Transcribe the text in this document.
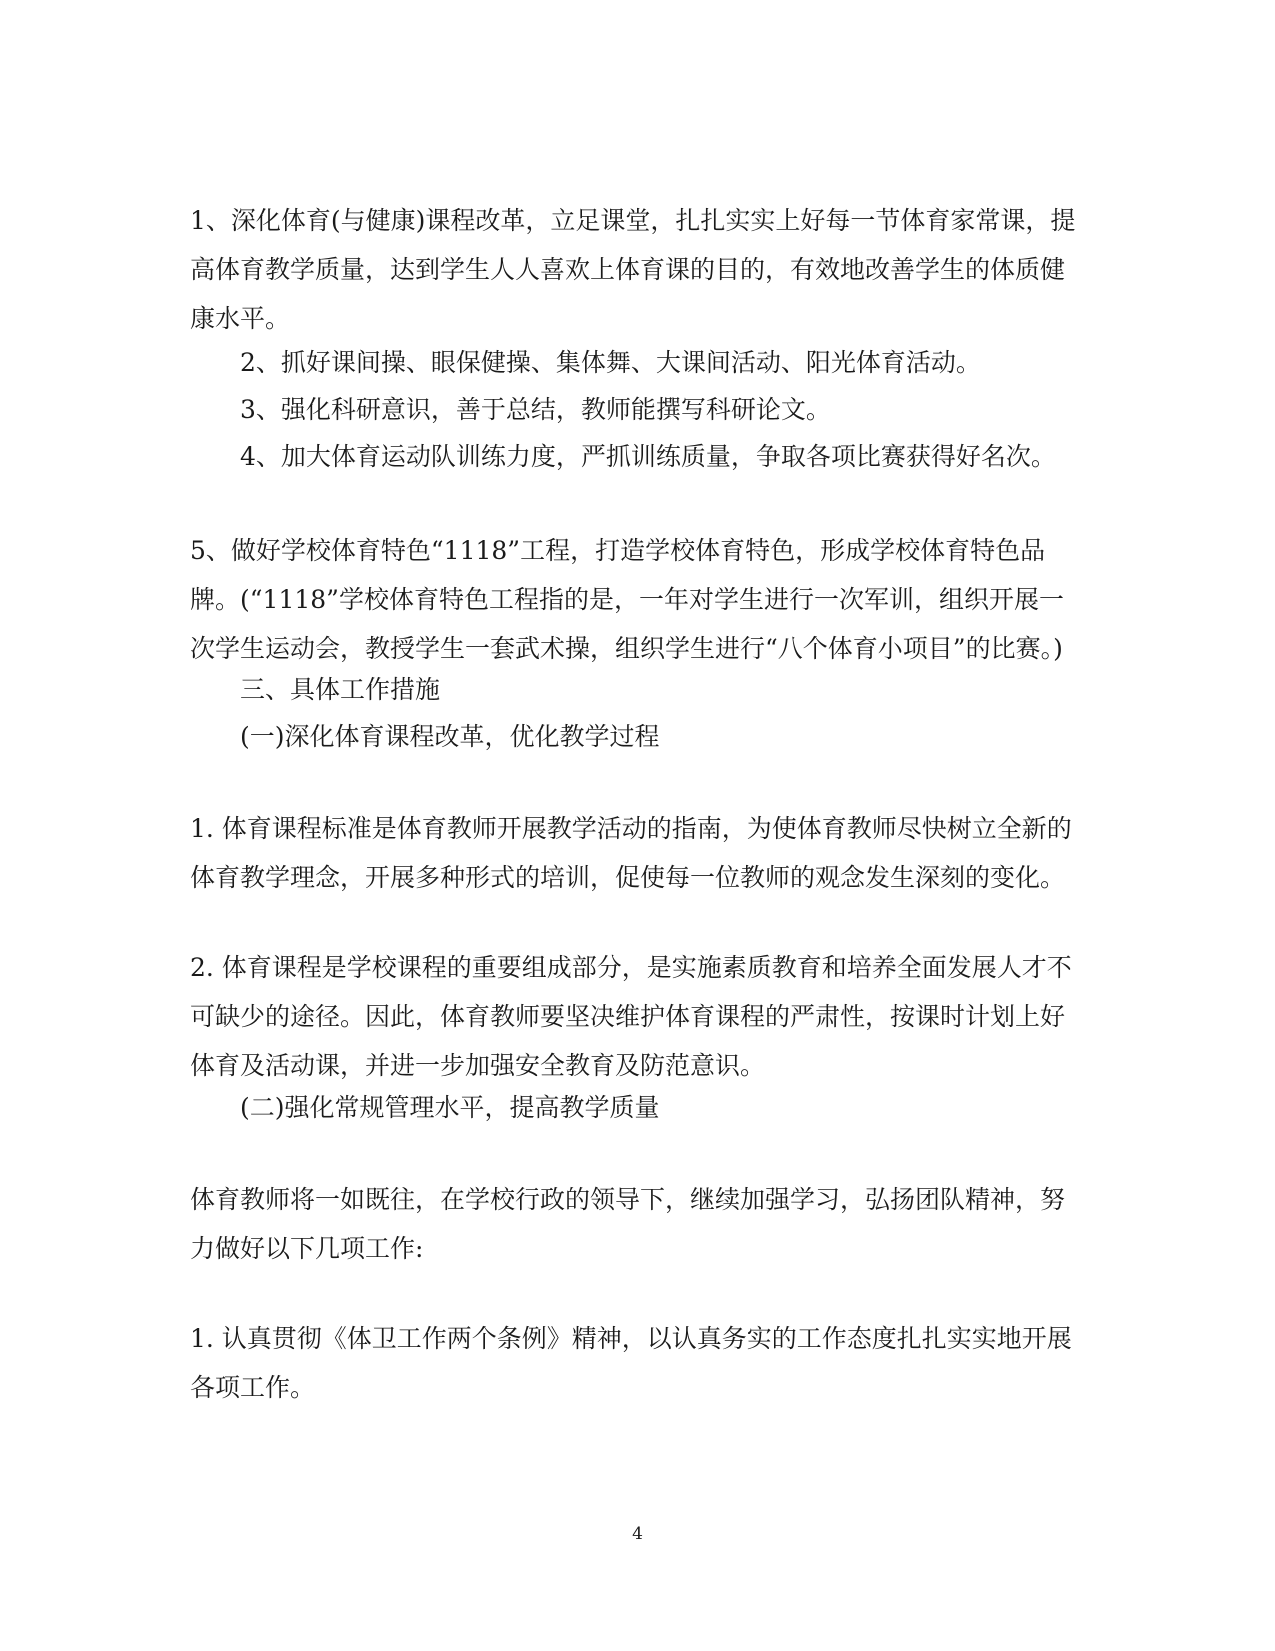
1、深化体育(与健康)课程改革，立足课堂，扎扎实实上好每一节体育家常课，提高体育教学质量，达到学生人人喜欢上体育课的目的，有效地改善学生的体质健康水平。

2、抓好课间操、眼保健操、集体舞、大课间活动、阳光体育活动。

3、强化科研意识，善于总结，教师能撰写科研论文。

4、加大体育运动队训练力度，严抓训练质量，争取各项比赛获得好名次。

5、做好学校体育特色“1118”工程，打造学校体育特色，形成学校体育特色品牌。(“1118”学校体育特色工程指的是，一年对学生进行一次军训，组织开展一次学生运动会，教授学生一套武术操，组织学生进行“八个体育小项目”的比赛。)

三、具体工作措施

(一)深化体育课程改革，优化教学过程

1. 体育课程标准是体育教师开展教学活动的指南，为使体育教师尽快树立全新的体育教学理念，开展多种形式的培训，促使每一位教师的观念发生深刻的变化。

2. 体育课程是学校课程的重要组成部分，是实施素质教育和培养全面发展人才不可缺少的途径。因此，体育教师要坚决维护体育课程的严肃性，按课时计划上好体育及活动课，并进一步加强安全教育及防范意识。

(二)强化常规管理水平，提高教学质量

体育教师将一如既往，在学校行政的领导下，继续加强学习，弘扬团队精神，努力做好以下几项工作:

1. 认真贯彻《体卫工作两个条例》精神，以认真务实的工作态度扎扎实实地开展各项工作。

4
